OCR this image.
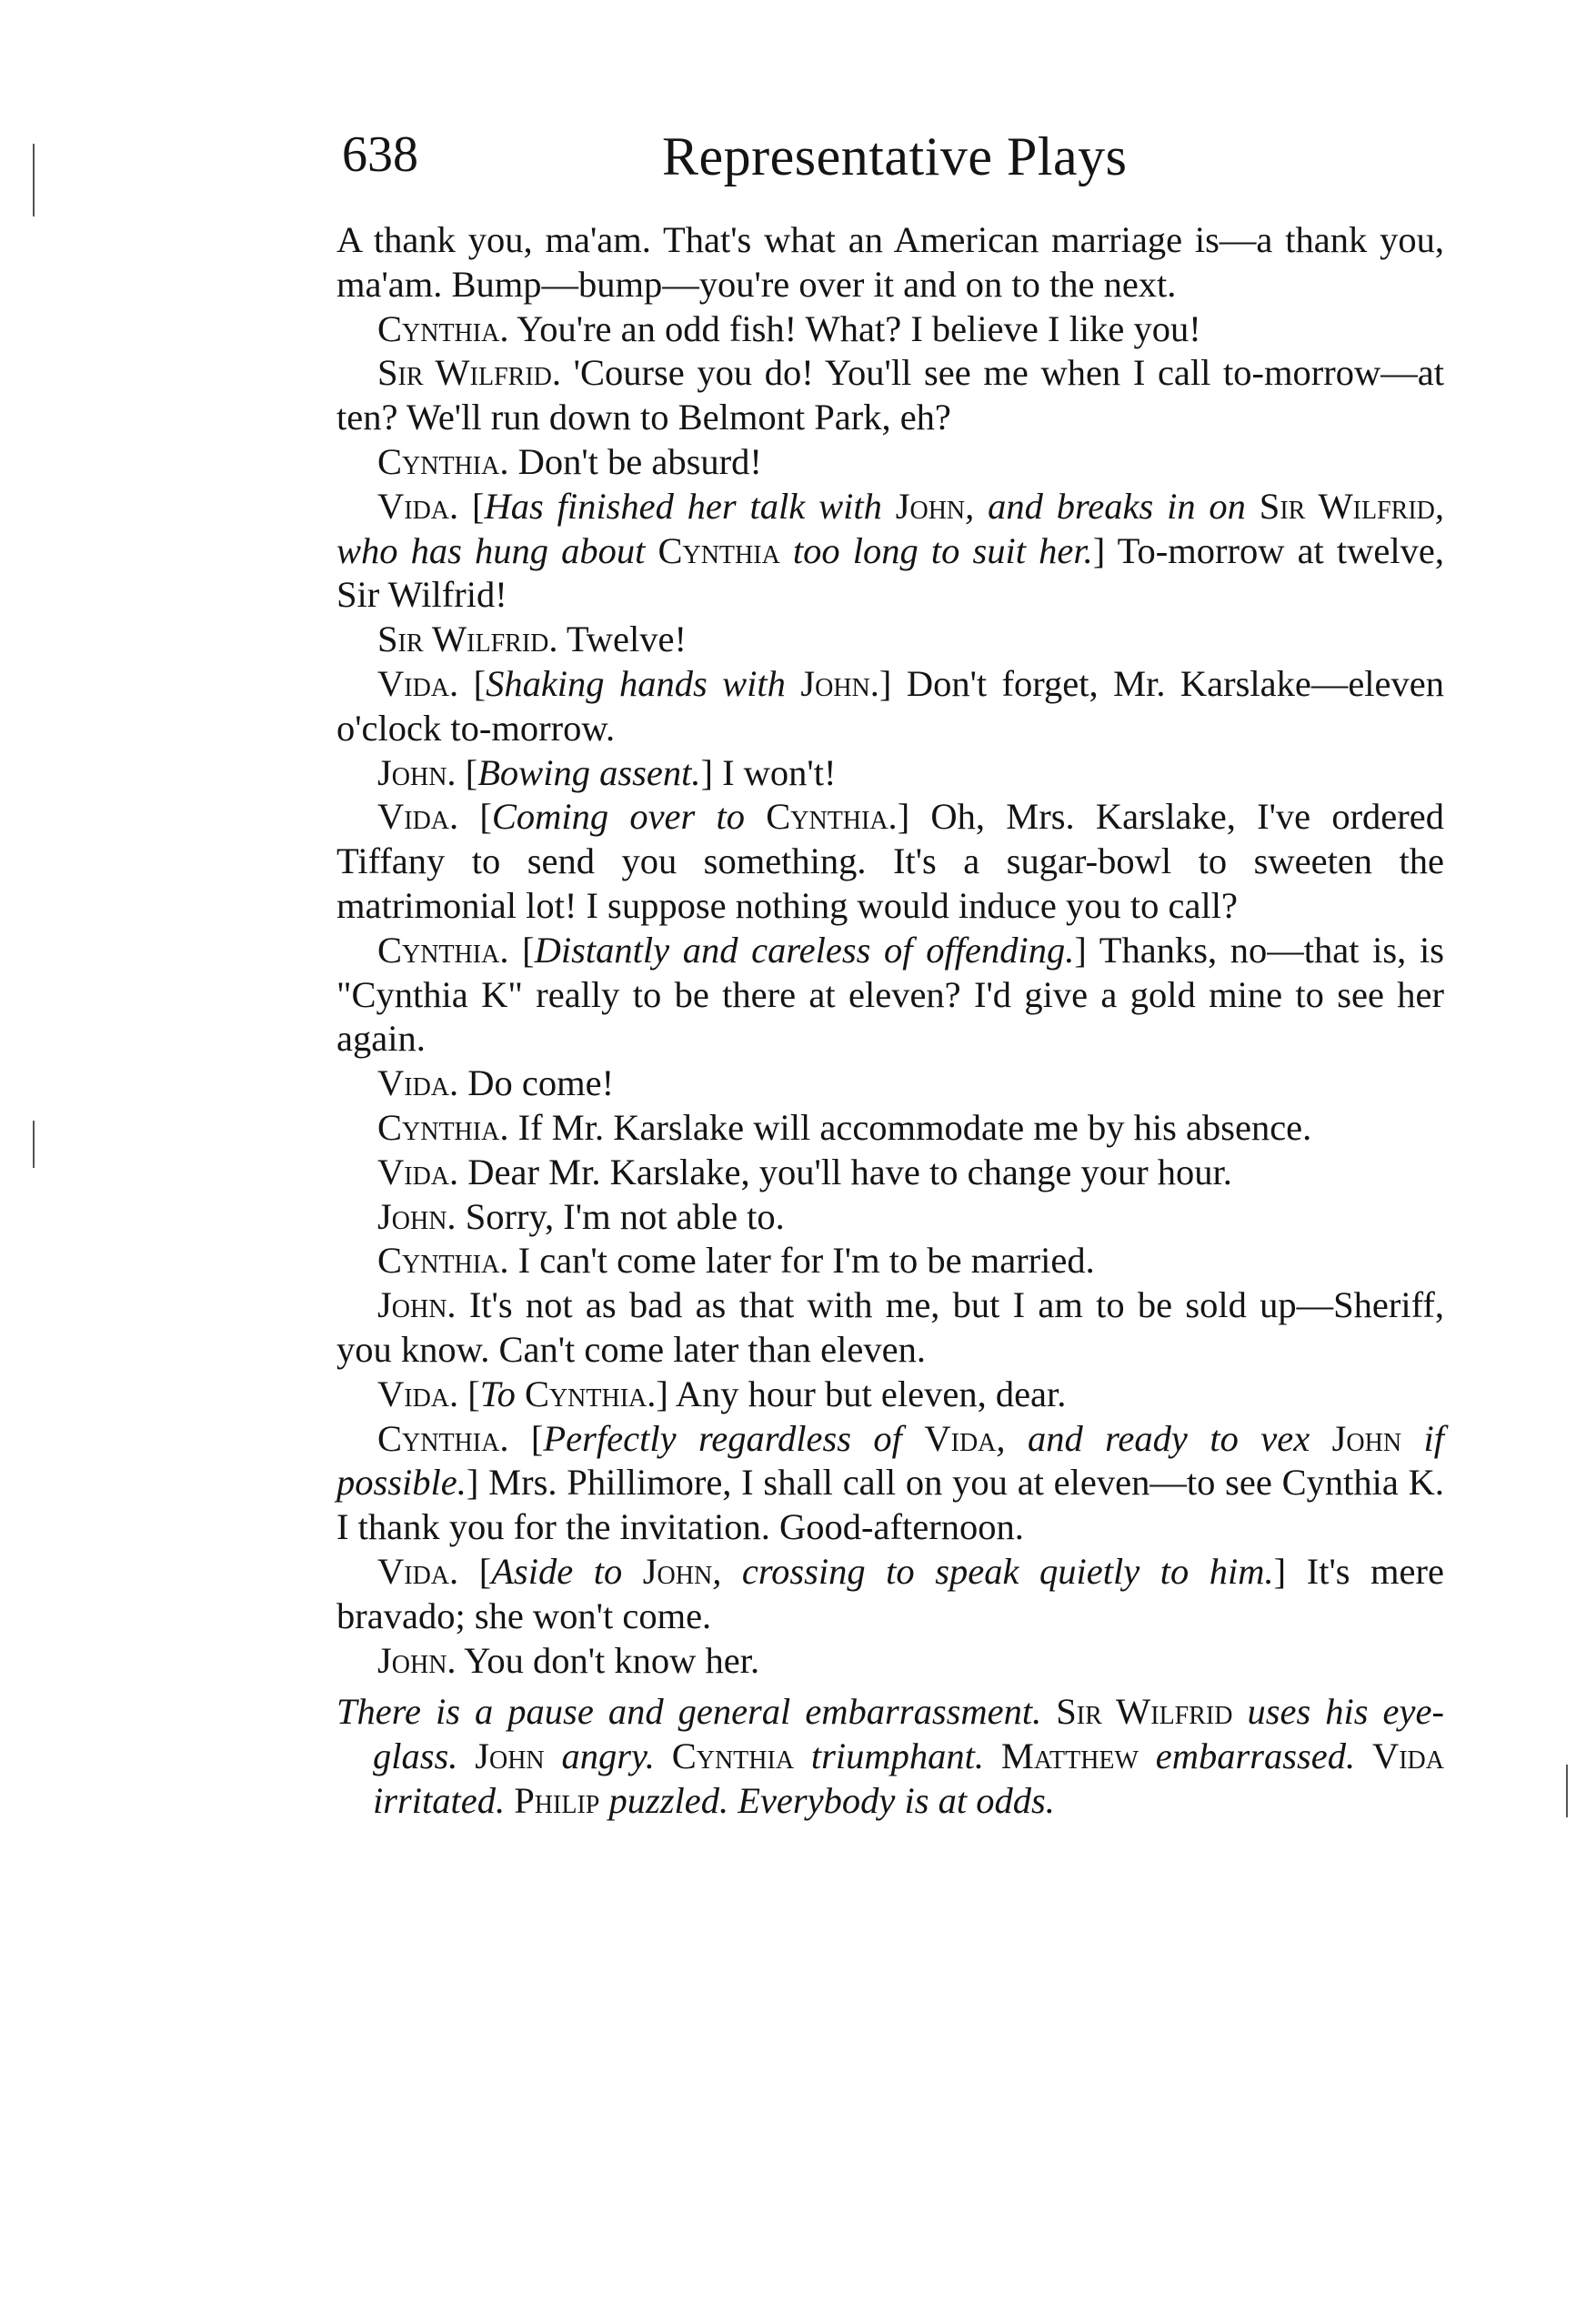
638	Representative Plays

A thank you, ma'am. That's what an American marriage is—a thank you, ma'am. Bump—bump—you're over it and on to the next.

Cynthia. You're an odd fish! What? I believe I like you!

Sir Wilfrid. 'Course you do! You'll see me when I call to-morrow—at ten? We'll run down to Belmont Park, eh?

Cynthia. Don't be absurd!

Vida. [Has finished her talk with John, and breaks in on Sir Wilfrid, who has hung about Cynthia too long to suit her.] To-morrow at twelve, Sir Wilfrid!

Sir Wilfrid. Twelve!

Vida. [Shaking hands with John.] Don't forget, Mr. Karslake—eleven o'clock to-morrow.

John. [Bowing assent.] I won't!

Vida. [Coming over to Cynthia.] Oh, Mrs. Karslake, I've ordered Tiffany to send you something. It's a sugar-bowl to sweeten the matrimonial lot! I suppose nothing would induce you to call?

Cynthia. [Distantly and careless of offending.] Thanks, no—that is, is "Cynthia K" really to be there at eleven? I'd give a gold mine to see her again.

Vida. Do come!

Cynthia. If Mr. Karslake will accommodate me by his absence.

Vida. Dear Mr. Karslake, you'll have to change your hour.

John. Sorry, I'm not able to.

Cynthia. I can't come later for I'm to be married.

John. It's not as bad as that with me, but I am to be sold up—Sheriff, you know. Can't come later than eleven.

Vida. [To Cynthia.] Any hour but eleven, dear.

Cynthia. [Perfectly regardless of Vida, and ready to vex John if possible.] Mrs. Phillimore, I shall call on you at eleven—to see Cynthia K. I thank you for the invitation. Good-afternoon.

Vida. [Aside to John, crossing to speak quietly to him.] It's mere bravado; she won't come.

John. You don't know her.

There is a pause and general embarrassment. Sir Wilfrid uses his eye-glass. John angry. Cynthia triumphant. Matthew embarrassed. Vida irritated. Philip puzzled. Everybody is at odds.
